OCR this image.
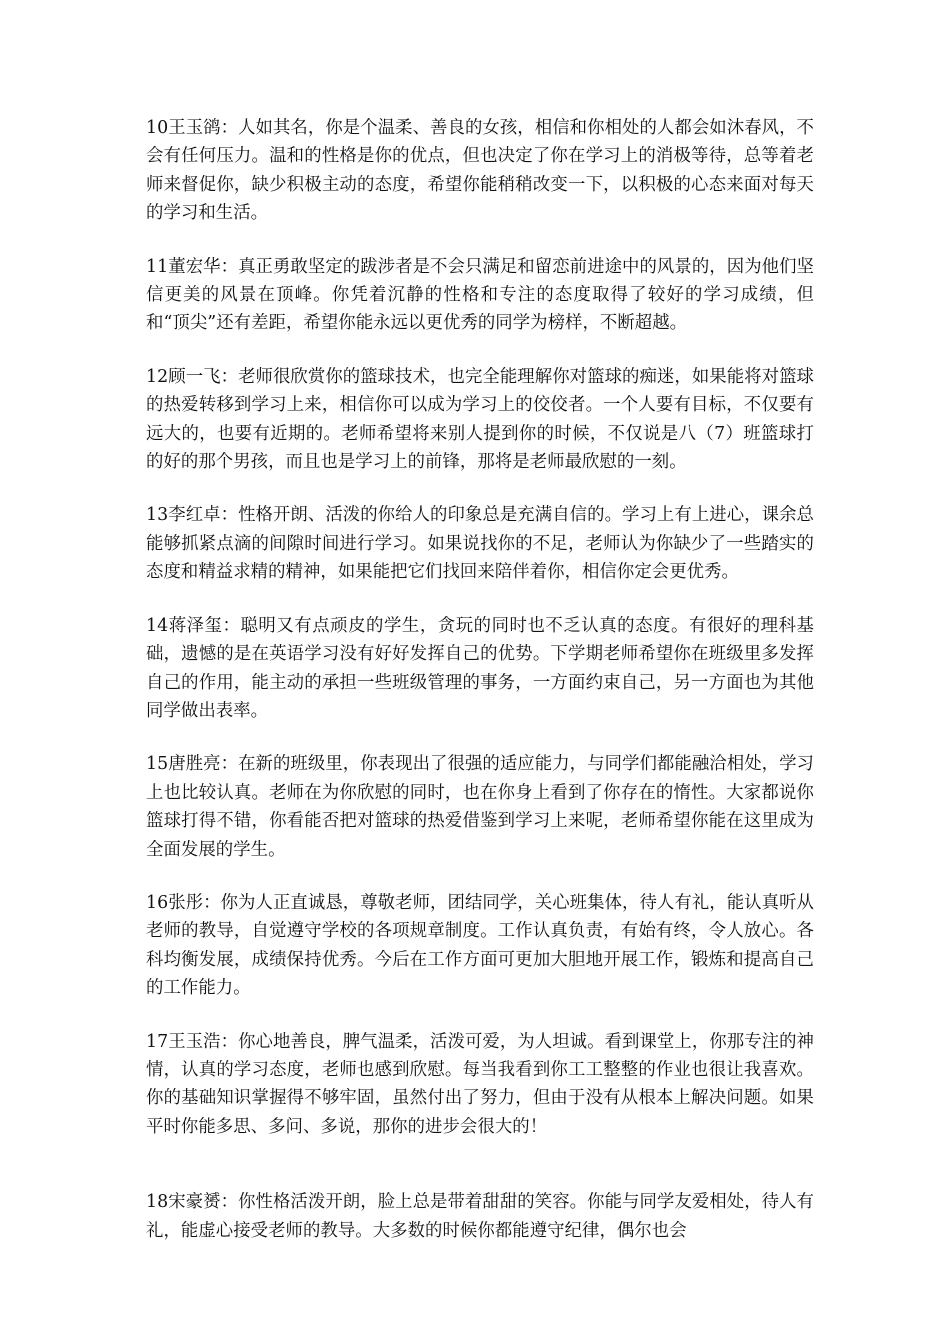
10王玉鹆：人如其名，你是个温柔、善良的女孩，相信和你相处的人都会如沐春风，不会有任何压力。温和的性格是你的优点，但也决定了你在学习上的消极等待，总等着老师来督促你，缺少积极主动的态度，希望你能稍稍改变一下，以积极的心态来面对每天的学习和生活。

11董宏华：真正勇敢坚定的跋涉者是不会只满足和留恋前进途中的风景的，因为他们坚信更美的风景在顶峰。你凭着沉静的性格和专注的态度取得了较好的学习成绩，但和“顶尖”还有差距，希望你能永远以更优秀的同学为榜样，不断超越。

12顾一飞：老师很欣赏你的篮球技术，也完全能理解你对篮球的痴迷，如果能将对篮球的热爱转移到学习上来，相信你可以成为学习上的佼佼者。一个人要有目标，不仅要有远大的，也要有近期的。老师希望将来别人提到你的时候，不仅说是八（7）班篮球打的好的那个男孩，而且也是学习上的前锋，那将是老师最欣慰的一刻。

13李红卓：性格开朗、活泼的你给人的印象总是充满自信的。学习上有上进心，课余总能够抓紧点滴的间隙时间进行学习。如果说找你的不足，老师认为你缺少了一些踏实的态度和精益求精的精神，如果能把它们找回来陪伴着你，相信你定会更优秀。

14蒋泽玺：聪明又有点顽皮的学生，贪玩的同时也不乏认真的态度。有很好的理科基础，遗憾的是在英语学习没有好好发挥自己的优势。下学期老师希望你在班级里多发挥自己的作用，能主动的承担一些班级管理的事务，一方面约束自己，另一方面也为其他同学做出表率。

15唐胜亮：在新的班级里，你表现出了很强的适应能力，与同学们都能融洽相处，学习上也比较认真。老师在为你欣慰的同时，也在你身上看到了你存在的惰性。大家都说你篮球打得不错，你看能否把对篮球的热爱借鉴到学习上来呢，老师希望你能在这里成为全面发展的学生。

16张彤：你为人正直诚恳，尊敬老师，团结同学，关心班集体，待人有礼，能认真听从老师的教导，自觉遵守学校的各项规章制度。工作认真负责，有始有终，令人放心。各科均衡发展，成绩保持优秀。今后在工作方面可更加大胆地开展工作，锻炼和提高自己的工作能力。

17王玉浩：你心地善良，脾气温柔，活泼可爱，为人坦诚。看到课堂上，你那专注的神情，认真的学习态度，老师也感到欣慰。每当我看到你工工整整的作业也很让我喜欢。你的基础知识掌握得不够牢固，虽然付出了努力，但由于没有从根本上解决问题。如果平时你能多思、多问、多说，那你的进步会很大的！

18宋豪赟：你性格活泼开朗，脸上总是带着甜甜的笑容。你能与同学友爱相处，待人有礼，能虚心接受老师的教导。大多数的时候你都能遵守纪律，偶尔也会
